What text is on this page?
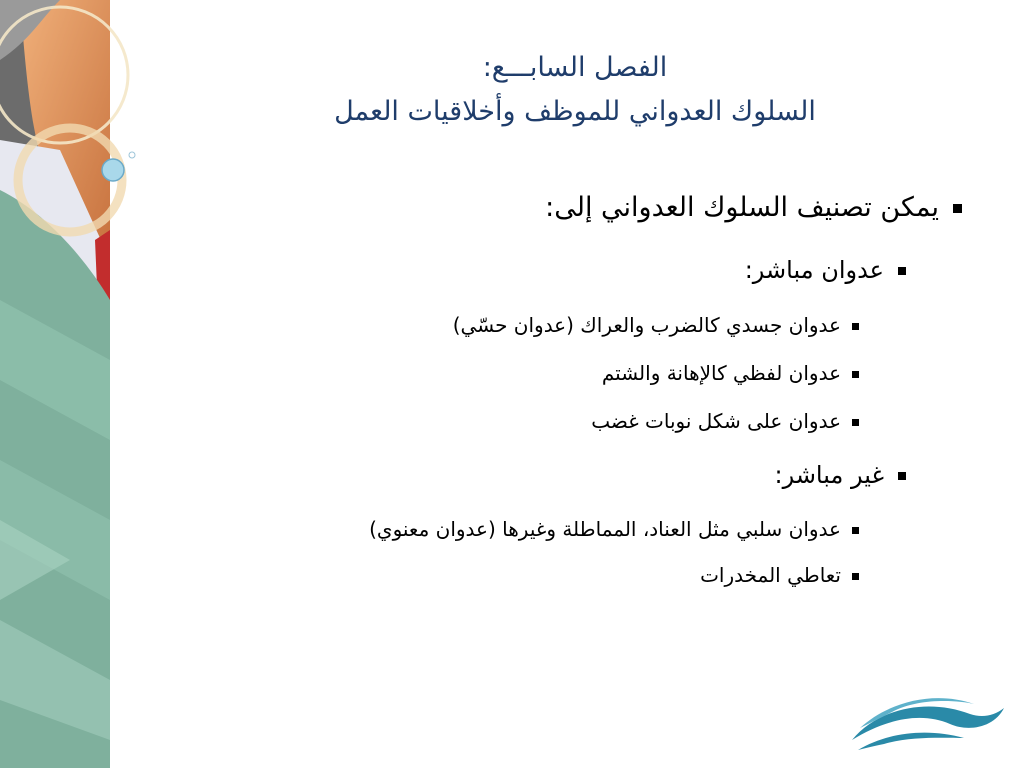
الفصل السابـــع:
السلوك العدواني للموظف وأخلاقيات العمل
يمكن تصنيف السلوك العدواني إلى:
عدوان مباشر:
عدوان جسدي كالضرب والعراك (عدوان حسّي)
عدوان لفظي كالإهانة والشتم
عدوان على شكل نوبات غضب
غير مباشر:
عدوان سلبي مثل العناد، المماطلة وغيرها (عدوان معنوي)
تعاطي المخدرات
